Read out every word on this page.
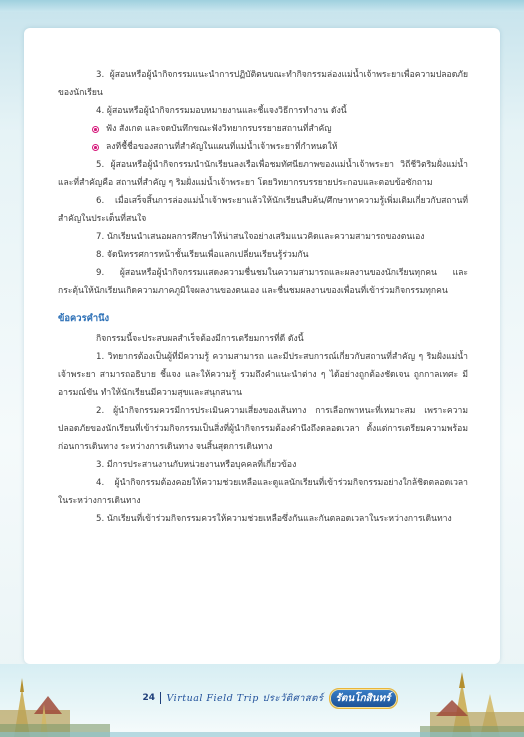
3. ผู้สอนหรือผู้นำกิจกรรมแนะนำการปฏิบัติตนขณะทำกิจกรรมล่องแม่น้ำเจ้าพระยาเพื่อความปลอดภัยของนักเรียน

4. ผู้สอนหรือผู้นำกิจกรรมมอบหมายงานและชี้แจงวิธีการทำงาน ดังนี้

ฟัง สังเกต และจดบันทึกขณะฟังวิทยากรบรรยายสถานที่สำคัญ
ลงทีชื้ชื่อของสถานที่สำคัญในแผนที่แม่น้ำเจ้าพระยาที่กำหนดให้

5. ผู้สอนหรือผู้นำกิจกรรมนำนักเรียนลงเรือเพื่อชมทัศนียภาพของแม่น้ำเจ้าพระยา วิถีชีวิตริมฝั่งแม่น้ำ และที่สำคัญคือ สถานที่สำคัญ ๆ ริมฝั่งแม่น้ำเจ้าพระยา โดยวิทยากรบรรยายประกอบและตอบข้อซักถาม

6. เมื่อเสร็จสิ้นการล่องแม่น้ำเจ้าพระยาแล้วให้นักเรียนสืบค้น/ศึกษาหาความรู้เพิ่มเติมเกี่ยวกับสถานที่สำคัญในประเด็นที่สนใจ

7. นักเรียนนำเสนอผลการศึกษาให้น่าสนใจอย่างเสริมแนวคิดและความสามารถของตนเอง

8. จัดนิทรรศการหน้าชั้นเรียนเพื่อแลกเปลี่ยนเรียนรู้ร่วมกัน

9. ผู้สอนหรือผู้นำกิจกรรมแสดงความชื่นชมในความสามารถและผลงานของนักเรียนทุกคน และกระตุ้นให้นักเรียนเกิดความภาคภูมิใจผลงานของตนเอง และชื่นชมผลงานของเพื่อนที่เข้าร่วมกิจกรรมทุกคน

ข้อควรคำนึง

กิจกรรมนี้จะประสบผลสำเร็จต้องมีการเตรียมการที่ดี ดังนี้

1. วิทยากรต้องเป็นผู้ที่มีความรู้ ความสามารถ และมีประสบการณ์เกี่ยวกับสถานที่สำคัญ ๆ ริมฝั่งแม่น้ำเจ้าพระยา สามารถอธิบาย ชี้แจง และให้ความรู้ รวมถึงคำแนะนำต่าง ๆ ได้อย่างถูกต้องชัดเจน ถูกกาลเทศะ มีอารมณ์ขัน ทำให้นักเรียนมีความสุขและสนุกสนาน

2. ผู้นำกิจกรรมควรมีการประเมินความเสี่ยงของเส้นทาง การเลือกพาหนะที่เหมาะสม เพราะความปลอดภัยของนักเรียนที่เข้าร่วมกิจกรรมเป็นสิ่งที่ผู้นำกิจกรรมต้องคำนึงถึงตลอดเวลา ตั้งแต่การเตรียมความพร้อมก่อนการเดินทาง ระหว่างการเดินทาง จนสิ้นสุดการเดินทาง

3. มีการประสานงานกับหน่วยงานหรือบุคคลที่เกี่ยวข้อง

4. ผู้นำกิจกรรมต้องคอยให้ความช่วยเหลือและดูแลนักเรียนที่เข้าร่วมกิจกรรมอย่างใกล้ชิดตลอดเวลาในระหว่างการเดินทาง

5. นักเรียนที่เข้าร่วมกิจกรรมควรให้ความช่วยเหลือซึ่งกันและกันตลอดเวลาในระหว่างการเดินทาง

24 Virtual Field Trip ประวัติศาสตร์	รัตนโกสินทร์
